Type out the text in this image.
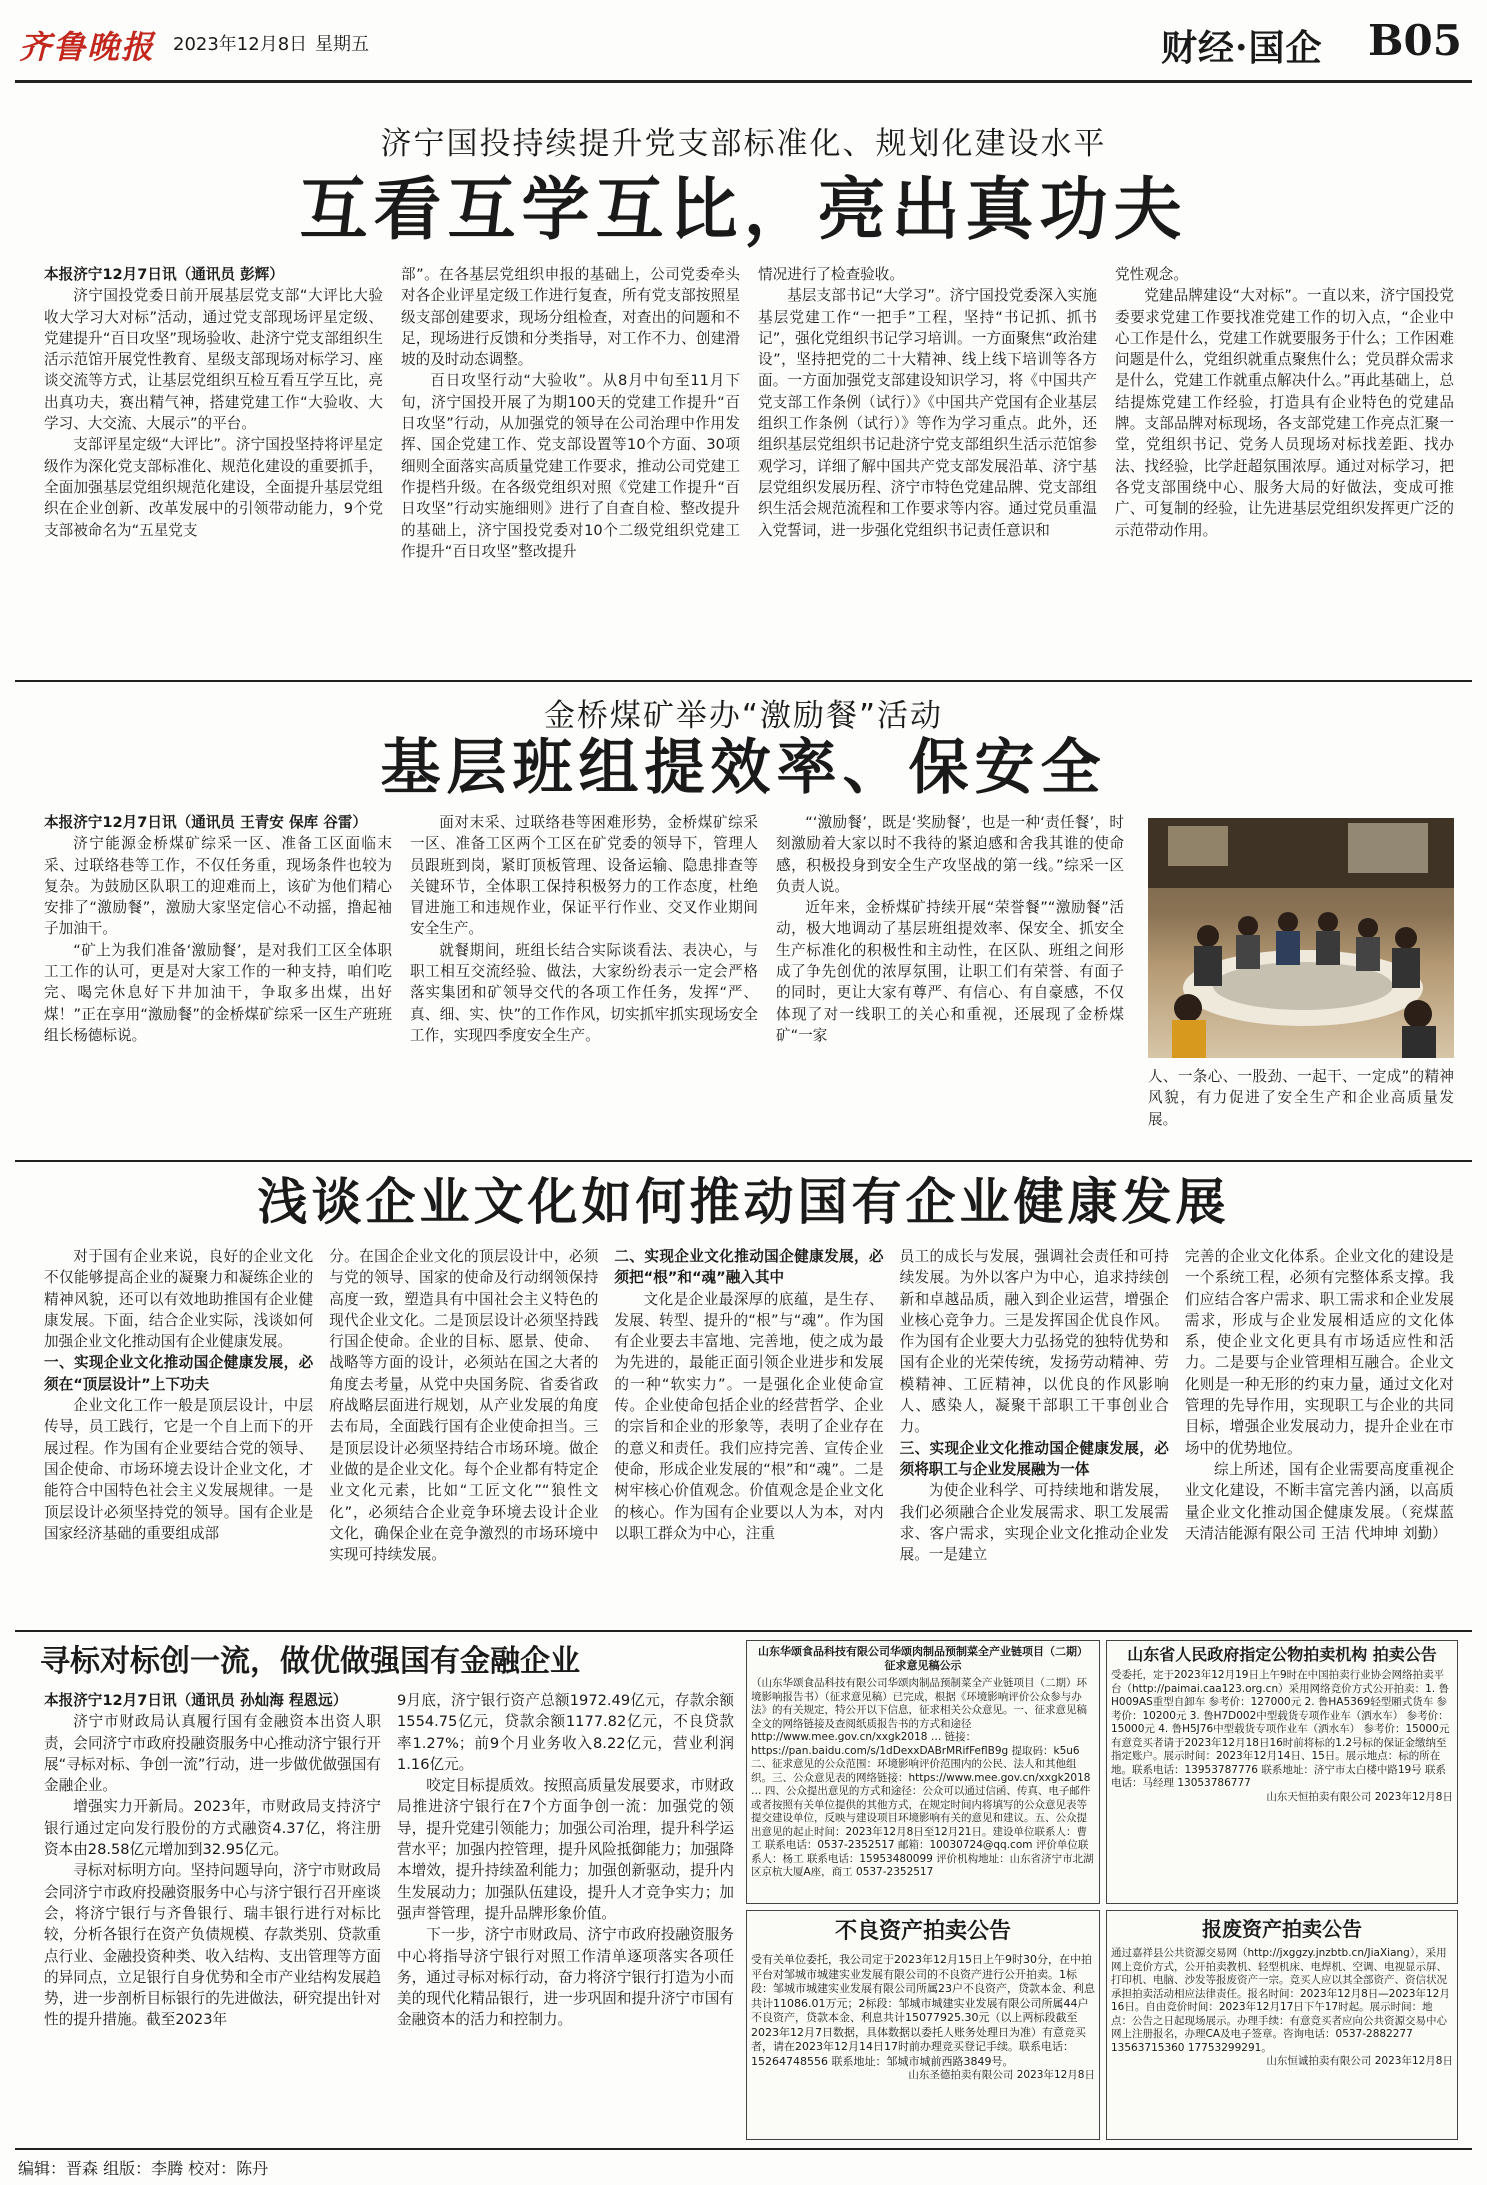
齐鲁晚报 2023年12月8日 星期五	财经·国企 B05
济宁国投持续提升党支部标准化、规划化建设水平
互看互学互比，亮出真功夫

本报济宁12月7日讯（通讯员 彭辉）

济宁国投党委日前开展基层党支部“大评比大验收大学习大对标”活动，通过党支部现场评星定级、党建提升“百日攻坚”现场验收、赴济宁党支部组织生活示范馆开展党性教育、星级支部现场对标学习、座谈交流等方式，让基层党组织互检互看互学互比，亮出真功夫，赛出精气神，搭建党建工作“大验收、大学习、大交流、大展示”的平台。

支部评星定级“大评比”。济宁国投坚持将评星定级作为深化党支部标准化、规范化建设的重要抓手，全面加强基层党组织规范化建设，全面提升基层党组织在企业创新、改革发展中的引领带动能力，9个党支部被命名为“五星党支

部”。在各基层党组织申报的基础上，公司党委牵头对各企业评星定级工作进行复查，所有党支部按照星级支部创建要求，现场分组检查，对查出的问题和不足，现场进行反馈和分类指导，对工作不力、创建滑坡的及时动态调整。

百日攻坚行动“大验收”。从8月中旬至11月下旬，济宁国投开展了为期100天的党建工作提升“百日攻坚”行动，从加强党的领导在公司治理中作用发挥、国企党建工作、党支部设置等10个方面、30项细则全面落实高质量党建工作要求，推动公司党建工作提档升级。在各级党组织对照《党建工作提升“百日攻坚”行动实施细则》进行了自查自检、整改提升的基础上，济宁国投党委对10个二级党组织党建工作提升“百日攻坚”整改提升

情况进行了检查验收。

基层支部书记“大学习”。济宁国投党委深入实施基层党建工作“一把手”工程，坚持“书记抓、抓书记”，强化党组织书记学习培训。一方面聚焦“政治建设”，坚持把党的二十大精神、线上线下培训等各方面。一方面加强党支部建设知识学习，将《中国共产党支部工作条例（试行）》《中国共产党国有企业基层组织工作条例（试行）》等作为学习重点。此外，还组织基层党组织书记赴济宁党支部组织生活示范馆参观学习，详细了解中国共产党支部发展沿革、济宁基层党组织发展历程、济宁市特色党建品牌、党支部组织生活会规范流程和工作要求等内容。通过党员重温入党誓词，进一步强化党组织书记责任意识和

党性观念。

党建品牌建设“大对标”。一直以来，济宁国投党委要求党建工作要找准党建工作的切入点，“企业中心工作是什么，党建工作就要服务于什么；工作困难问题是什么，党组织就重点聚焦什么；党员群众需求是什么，党建工作就重点解决什么。”再此基础上，总结提炼党建工作经验，打造具有企业特色的党建品牌。支部品牌对标现场，各支部党建工作亮点汇聚一堂，党组织书记、党务人员现场对标找差距、找办法、找经验，比学赶超氛围浓厚。通过对标学习，把各党支部围绕中心、服务大局的好做法，变成可推广、可复制的经验，让先进基层党组织发挥更广泛的示范带动作用。

金桥煤矿举办“激励餐”活动
基层班组提效率、保安全

本报济宁12月7日讯（通讯员 王青安 保库 谷雷）

济宁能源金桥煤矿综采一区、准备工区面临末采、过联络巷等工作，不仅任务重，现场条件也较为复杂。为鼓励区队职工的迎难而上，该矿为他们精心安排了“激励餐”，激励大家坚定信心不动摇，撸起袖子加油干。

“矿上为我们准备‘激励餐’，是对我们工区全体职工工作的认可，更是对大家工作的一种支持，咱们吃完、喝完休息好下井加油干，争取多出煤，出好煤！”正在享用“激励餐”的金桥煤矿综采一区生产班班组长杨德标说。

面对末采、过联络巷等困难形势，金桥煤矿综采一区、准备工区两个工区在矿党委的领导下，管理人员跟班到岗，紧盯顶板管理、设备运输、隐患排查等关键环节，全体职工保持积极努力的工作态度，杜绝冒进施工和违规作业，保证平行作业、交叉作业期间安全生产。

就餐期间，班组长结合实际谈看法、表决心，与职工相互交流经验、做法，大家纷纷表示一定会严格落实集团和矿领导交代的各项工作任务，发挥“严、真、细、实、快”的工作作风，切实抓牢抓实现场安全工作，实现四季度安全生产。

“‘激励餐’，既是‘奖励餐’，也是一种‘责任餐’，时刻激励着大家以时不我待的紧迫感和舍我其谁的使命感，积极投身到安全生产攻坚战的第一线。”综采一区负责人说。

近年来，金桥煤矿持续开展“荣誉餐”“激励餐”活动，极大地调动了基层班组提效率、保安全、抓安全生产标准化的积极性和主动性，在区队、班组之间形成了争先创优的浓厚氛围，让职工们有荣誉、有面子的同时，更让大家有尊严、有信心、有自豪感，不仅体现了对一线职工的关心和重视，还展现了金桥煤矿“一家

人、一条心、一股劲、一起干、一定成”的精神风貌，有力促进了安全生产和企业高质量发展。
浅谈企业文化如何推动国有企业健康发展

对于国有企业来说，良好的企业文化不仅能够提高企业的凝聚力和凝练企业的精神风貌，还可以有效地助推国有企业健康发展。下面，结合企业实际，浅谈如何加强企业文化推动国有企业健康发展。

一、实现企业文化推动国企健康发展，必须在“顶层设计”上下功夫

企业文化工作一般是顶层设计，中层传导，员工践行，它是一个自上而下的开展过程。作为国有企业要结合党的领导、国企使命、市场环境去设计企业文化，才能符合中国特色社会主义发展规律。一是顶层设计必须坚持党的领导。国有企业是国家经济基础的重要组成部

分。在国企企业文化的顶层设计中，必须与党的领导、国家的使命及行动纲领保持高度一致，塑造具有中国社会主义特色的现代企业文化。二是顶层设计必须坚持践行国企使命。企业的目标、愿景、使命、战略等方面的设计，必须站在国之大者的角度去考量，从党中央国务院、省委省政府战略层面进行规划，从产业发展的角度去布局，全面践行国有企业使命担当。三是顶层设计必须坚持结合市场环境。做企业做的是企业文化。每个企业都有特定企业文化元素，比如“工匠文化”“狼性文化”，必须结合企业竞争环境去设计企业文化，确保企业在竞争激烈的市场环境中实现可持续发展。

二、实现企业文化推动国企健康发展，必须把“根”和“魂”融入其中

文化是企业最深厚的底蕴，是生存、发展、转型、提升的“根”与“魂”。作为国有企业要去丰富地、完善地，使之成为最为先进的，最能正面引领企业进步和发展的一种“软实力”。一是强化企业使命宣传。企业使命包括企业的经营哲学、企业的宗旨和企业的形象等，表明了企业存在的意义和责任。我们应持完善、宣传企业使命，形成企业发展的“根”和“魂”。二是树牢核心价值观念。价值观念是企业文化的核心。作为国有企业要以人为本，对内以职工群众为中心，注重

员工的成长与发展，强调社会责任和可持续发展。为外以客户为中心，追求持续创新和卓越品质，融入到企业运营，增强企业核心竞争力。三是发挥国企优良作风。作为国有企业要大力弘扬党的独特优势和国有企业的光荣传统，发扬劳动精神、劳模精神、工匠精神，以优良的作风影响人、感染人，凝聚干部职工干事创业合力。

三、实现企业文化推动国企健康发展，必须将职工与企业发展融为一体

为使企业科学、可持续地和谐发展，我们必须融合企业发展需求、职工发展需求、客户需求，实现企业文化推动企业发展。一是建立

完善的企业文化体系。企业文化的建设是一个系统工程，必须有完整体系支撑。我们应结合客户需求、职工需求和企业发展需求，形成与企业发展相适应的文化体系，使企业文化更具有市场适应性和活力。二是要与企业管理相互融合。企业文化则是一种无形的约束力量，通过文化对管理的先导作用，实现职工与企业的共同目标，增强企业发展动力，提升企业在市场中的优势地位。

综上所述，国有企业需要高度重视企业文化建设，不断丰富完善内涵，以高质量企业文化推动国企健康发展。（兖煤蓝天清洁能源有限公司 王洁 代坤坤 刘勤）

寻标对标创一流，做优做强国有金融企业

本报济宁12月7日讯（通讯员 孙灿海 程恩远）

济宁市财政局认真履行国有金融资本出资人职责，会同济宁市政府投融资服务中心推动济宁银行开展“寻标对标、争创一流”行动，进一步做优做强国有金融企业。

增强实力开新局。2023年，市财政局支持济宁银行通过定向发行股份的方式融资4.37亿，将注册资本由28.58亿元增加到32.95亿元。

寻标对标明方向。坚持问题导向，济宁市财政局会同济宁市政府投融资服务中心与济宁银行召开座谈会，将济宁银行与齐鲁银行、瑞丰银行进行对标比较，分析各银行在资产负债规模、存款类别、贷款重点行业、金融投资种类、收入结构、支出管理等方面的异同点，立足银行自身优势和全市产业结构发展趋势，进一步剖析目标银行的先进做法，研究提出针对性的提升措施。截至2023年

9月底，济宁银行资产总额1972.49亿元，存款余额1554.75亿元，贷款余额1177.82亿元，不良贷款率1.27%；前9个月业务收入8.22亿元，营业利润1.16亿元。

咬定目标提质效。按照高质量发展要求，市财政局推进济宁银行在7个方面争创一流：加强党的领导，提升党建引领能力；加强公司治理，提升科学运营水平；加强内控管理，提升风险抵御能力；加强降本增效，提升持续盈利能力；加强创新驱动，提升内生发展动力；加强队伍建设，提升人才竞争实力；加强声誉管理，提升品牌形象价值。

下一步，济宁市财政局、济宁市政府投融资服务中心将指导济宁银行对照工作清单逐项落实各项任务，通过寻标对标行动，奋力将济宁银行打造为小而美的现代化精品银行，进一步巩固和提升济宁市国有金融资本的活力和控制力。

山东华颂食品科技有限公司华颂肉制品预制菜全产业链项目（二期）征求意见稿公示

（山东华颂食品科技有限公司华颂肉制品预制菜全产业链项目（二期）环境影响报告书）（征求意见稿）已完成，根据《环境影响评价公众参与办法》的有关规定，特公开以下信息，征求相关公众意见。一、征求意见稿全文的网络链接及查阅纸质报告书的方式和途径 http://www.mee.gov.cn/xxgk2018 … 链接：https://pan.baidu.com/s/1dDexxDABrMRifFeflB9g 提取码：k5u6 二、征求意见的公众范围：环境影响评价范围内的公民、法人和其他组织。三、公众意见表的网络链接：https://www.mee.gov.cn/xxgk2018 … 四、公众提出意见的方式和途径：公众可以通过信函、传真、电子邮件或者按照有关单位提供的其他方式，在规定时间内将填写的公众意见表等提交建设单位，反映与建设项目环境影响有关的意见和建议。五、公众提出意见的起止时间：2023年12月8日至12月21日。建设单位联系人：曹工 联系电话：0537-2352517 邮箱：10030724@qq.com 评价单位联系人：杨工 联系电话：15953480099 评价机构地址：山东省济宁市北湖区京杭大厦A座，商工 0537-2352517

山东省人民政府指定公物拍卖机构 拍卖公告

受委托，定于2023年12月19日上午9时在中国拍卖行业协会网络拍卖平台（http://paimai.caa123.org.cn）采用网络竞价方式公开拍卖：1. 鲁H009AS重型自卸车 参考价：127000元 2. 鲁HA5369轻型厢式货车 参考价：10200元 3. 鲁H7D002中型载货专项作业车（洒水车） 参考价：15000元 4. 鲁H5J76中型载货专项作业车（洒水车） 参考价：15000元 有意竞买者请于2023年12月18日16时前将标的1.2号标的保证金缴纳至指定账户。展示时间：2023年12月14日、15日。展示地点：标的所在地。联系电话：13953787776 联系地址：济宁市太白楼中路19号 联系电话：马经理 13053786777

山东天恒拍卖有限公司 2023年12月8日

不良资产拍卖公告

受有关单位委托，我公司定于2023年12月15日上午9时30分，在中拍平台对邹城市城建实业发展有限公司的不良资产进行公开拍卖。1标段：邹城市城建实业发展有限公司所属23户不良资产，贷款本金、利息共计11086.01万元；2标段：邹城市城建实业发展有限公司所属44户不良资产，贷款本金、利息共计15077925.30元（以上两标段截至2023年12月7日数据，具体数据以委托人账务处理日为准）有意竞买者，请在2023年12月14日17时前办理竞买登记手续。联系电话：15264748556 联系地址：邹城市城前西路3849号。

山东圣德拍卖有限公司 2023年12月8日

报废资产拍卖公告

通过嘉祥县公共资源交易网（http://jxggzy.jnzbtb.cn/JiaXiang），采用网上竞价方式，公开拍卖教机、轻型机床、电焊机、空调、电视显示屏、打印机、电脑、沙发等报废资产一宗。竞买人应以其全部资产、资信状况承担拍卖活动相应法律责任。报名时间：2023年12月8日—2023年12月16日。自由竞价时间：2023年12月17日下午17时起。展示时间：地点：公告之日起现场展示。办理手续：有意竞买者应向公共资源交易中心网上注册报名，办理CA及电子签章。咨询电话：0537-2882277 13563715360 17753299291。

山东恒诚拍卖有限公司 2023年12月8日

编辑：晋森 组版：李腾 校对：陈丹
